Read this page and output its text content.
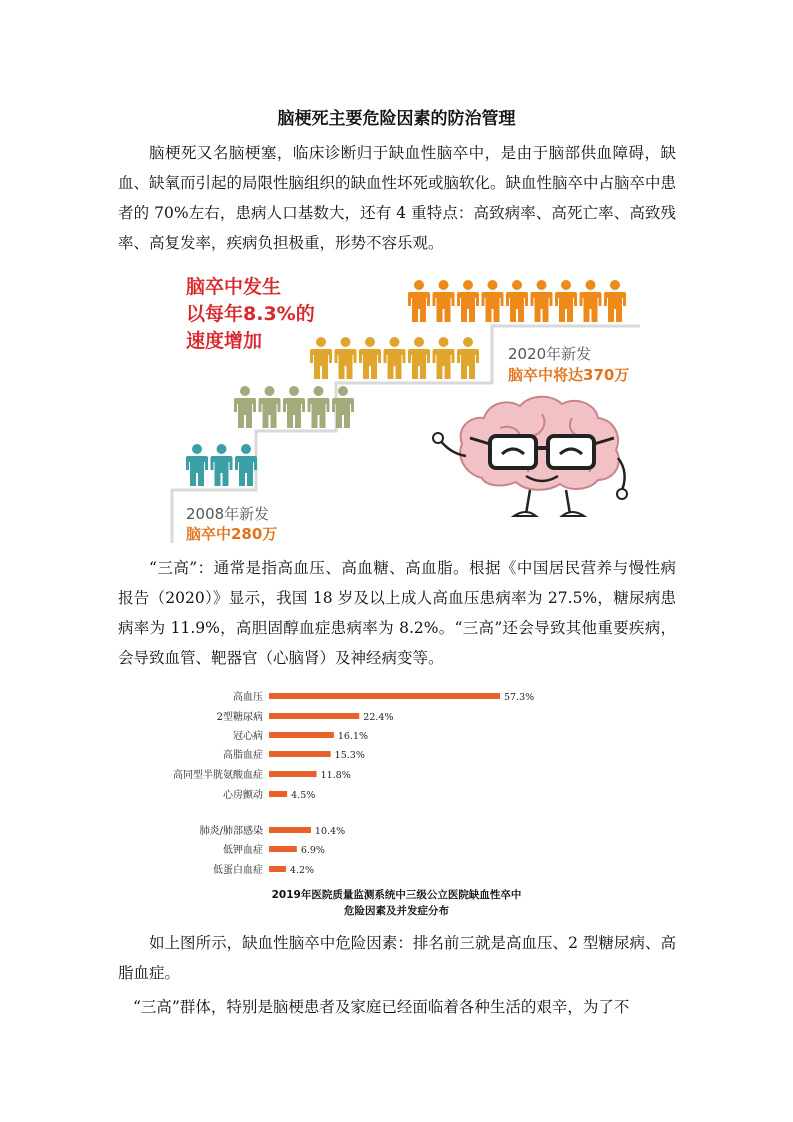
脑梗死主要危险因素的防治管理

脑梗死又名脑梗塞，临床诊断归于缺血性脑卒中，是由于脑部供血障碍，缺血、缺氧而引起的局限性脑组织的缺血性坏死或脑软化。缺血性脑卒中占脑卒中患者的 70%左右，患病人口基数大，还有 4 重特点：高致病率、高死亡率、高致残率、高复发率，疾病负担极重，形势不容乐观。

脑卒中发生
以每年8.3%的
速度增加
2020年新发
脑卒中将达370万
2008年新发
脑卒中280万

“三高”：通常是指高血压、高血糖、高血脂。根据《中国居民营养与慢性病报告（2020）》显示，我国 18 岁及以上成人高血压患病率为 27.5%，糖尿病患病率为 11.9%，高胆固醇血症患病率为 8.2%。“三高”还会导致其他重要疾病，会导致血管、靶器官（心脑肾）及神经病变等。

高血压	57.3%
2型糖尿病	22.4%
冠心病	16.1%
高脂血症	15.3%
高同型半胱氨酸血症	11.8%
心房颤动	4.5%
肺炎/肺部感染	10.4%
低钾血症	6.9%
低蛋白血症	4.2%
2019年医院质量监测系统中三级公立医院缺血性卒中
危险因素及并发症分布

如上图所示，缺血性脑卒中危险因素：排名前三就是高血压、2 型糖尿病、高脂血症。

“三高”群体，特别是脑梗患者及家庭已经面临着各种生活的艰辛，为了不
